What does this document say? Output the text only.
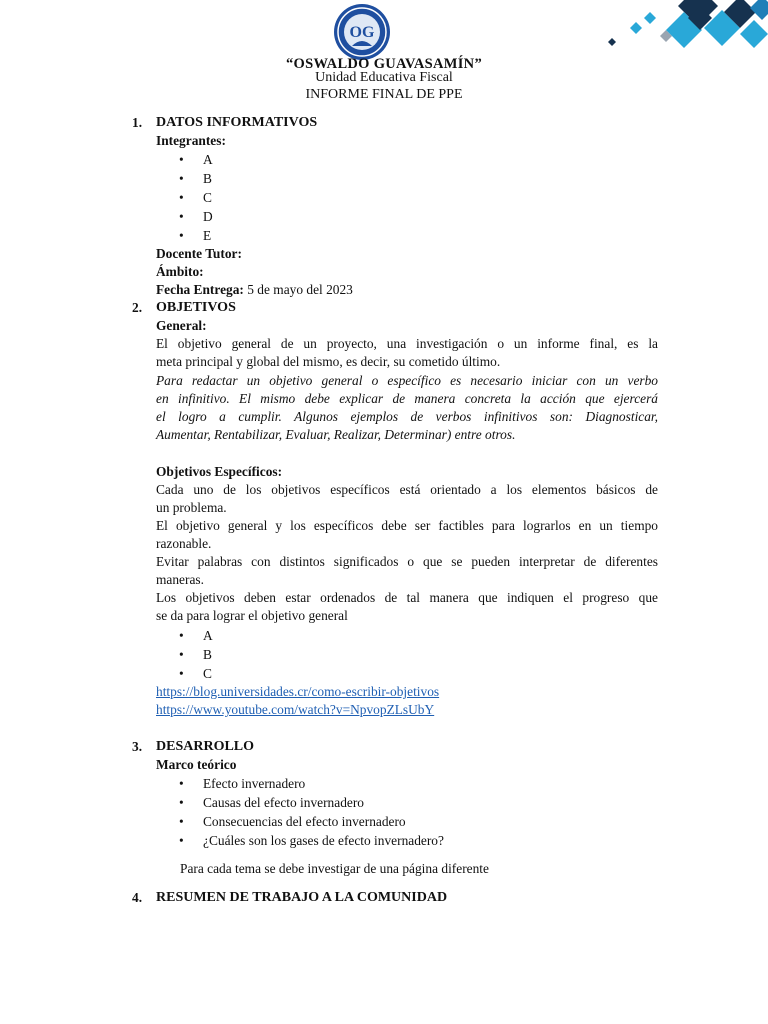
OG
“OSWALDO GUAVASAMÍN”
Unidad Educativa Fiscal
INFORME FINAL DE PPE
1. DATOS INFORMATIVOS
Integrantes:
• A
• B
• C
• D
• E
Docente Tutor:
Ámbito:
Fecha Entrega: 5 de mayo del 2023
2. OBJETIVOS
General:
El objetivo general de un proyecto, una investigación o un informe final, es la
meta principal y global del mismo, es decir, su cometido último.
Para redactar un objetivo general o específico es necesario iniciar con un verbo
en infinitivo. El mismo debe explicar de manera concreta la acción que ejercerá
el logro a cumplir. Algunos ejemplos de verbos infinitivos son: Diagnosticar,
Aumentar, Rentabilizar, Evaluar, Realizar, Determinar) entre otros.
Objetivos Específicos:
Cada uno de los objetivos específicos está orientado a los elementos básicos de
un problema.
El objetivo general y los específicos debe ser factibles para lograrlos en un tiempo
razonable.
Evitar palabras con distintos significados o que se pueden interpretar de diferentes
maneras.
Los objetivos deben estar ordenados de tal manera que indiquen el progreso que
se da para lograr el objetivo general
• A
• B
• C
https://blog.universidades.cr/como-escribir-objetivos
https://www.youtube.com/watch?v=NpvopZLsUbY
3. DESARROLLO
Marco teórico
• Efecto invernadero
• Causas del efecto invernadero
• Consecuencias del efecto invernadero
• ¿Cuáles son los gases de efecto invernadero?
Para cada tema se debe investigar de una página diferente
4. RESUMEN DE TRABAJO A LA COMUNIDAD
